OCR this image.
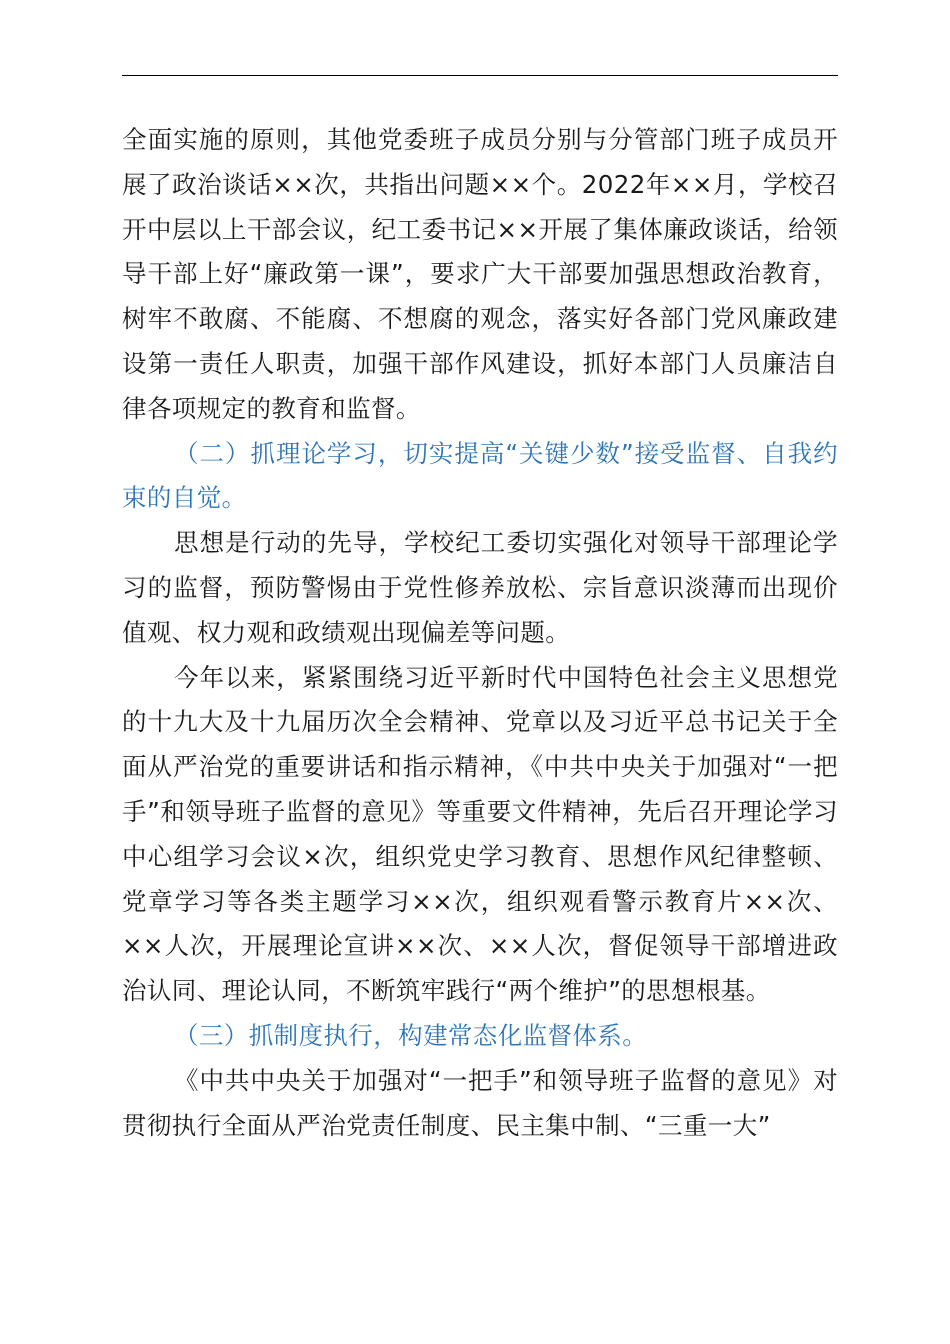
全面实施的原则，其他党委班子成员分别与分管部门班子成员开展了政治谈话××次，共指出问题××个。2022年××月，学校召开中层以上干部会议，纪工委书记××开展了集体廉政谈话，给领导干部上好“廉政第一课”，要求广大干部要加强思想政治教育，树牢不敢腐、不能腐、不想腐的观念，落实好各部门党风廉政建设第一责任人职责，加强干部作风建设，抓好本部门人员廉洁自律各项规定的教育和监督。

（二）抓理论学习，切实提高“关键少数”接受监督、自我约束的自觉。

思想是行动的先导，学校纪工委切实强化对领导干部理论学习的监督，预防警惕由于党性修养放松、宗旨意识淡薄而出现价值观、权力观和政绩观出现偏差等问题。

今年以来，紧紧围绕习近平新时代中国特色社会主义思想党的十九大及十九届历次全会精神、党章以及习近平总书记关于全面从严治党的重要讲话和指示精神，《中共中央关于加强对“一把手”和领导班子监督的意见》等重要文件精神，先后召开理论学习中心组学习会议×次，组织党史学习教育、思想作风纪律整顿、党章学习等各类主题学习××次，组织观看警示教育片××次、××人次，开展理论宣讲××次、××人次，督促领导干部增进政治认同、理论认同，不断筑牢践行“两个维护”的思想根基。

（三）抓制度执行，构建常态化监督体系。

《中共中央关于加强对“一把手”和领导班子监督的意见》对贯彻执行全面从严治党责任制度、民主集中制、“三重一大”
